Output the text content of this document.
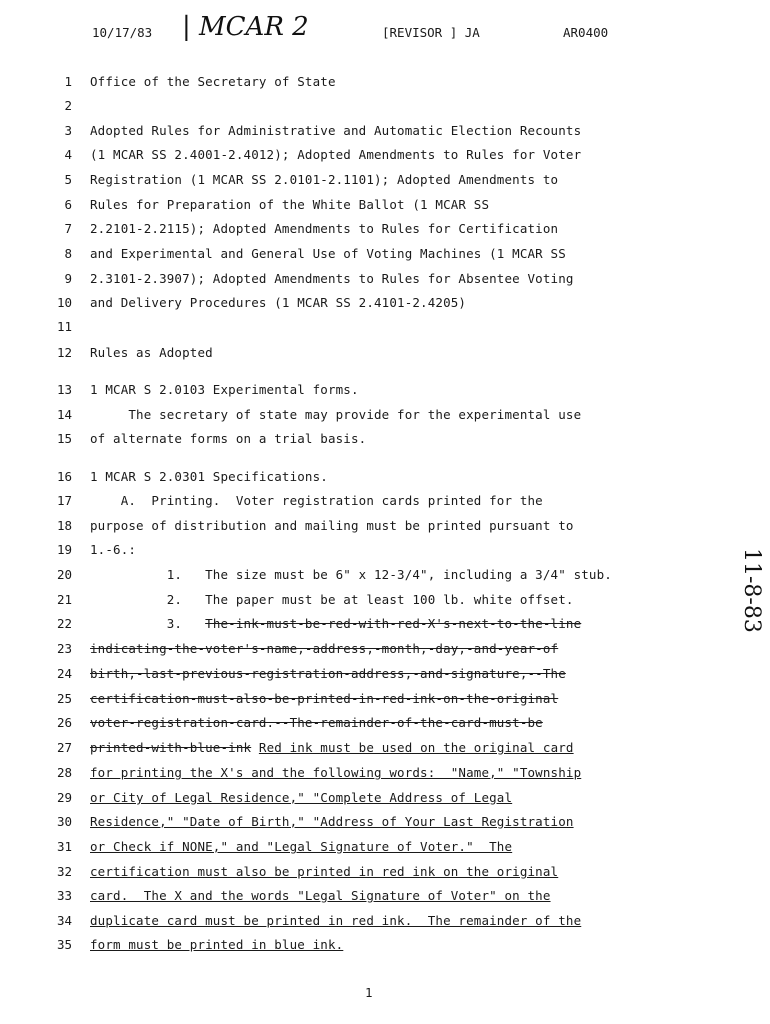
10/17/83 | MCAR 2	[REVISOR ] JA	AR0400
1 Office of the Secretary of State
2
3 Adopted Rules for Administrative and Automatic Election Recounts
4 (1 MCAR SS 2.4001-2.4012); Adopted Amendments to Rules for Voter
5 Registration (1 MCAR SS 2.0101-2.1101); Adopted Amendments to
6 Rules for Preparation of the White Ballot (1 MCAR SS
7 2.2101-2.2115); Adopted Amendments to Rules for Certification
8 and Experimental and General Use of Voting Machines (1 MCAR SS
9 2.3101-2.3907); Adopted Amendments to Rules for Absentee Voting
10 and Delivery Procedures (1 MCAR SS 2.4101-2.4205)
11
12 Rules as Adopted
13 1 MCAR S 2.0103 Experimental forms.
14 The secretary of state may provide for the experimental use
15 of alternate forms on a trial basis.
16 1 MCAR S 2.0301 Specifications.
17 A.  Printing.  Voter registration cards printed for the
18 purpose of distribution and mailing must be printed pursuant to
19 1.-6.:
20 1.   The size must be 6" x 12-3/4", including a 3/4" stub.
21 2.   The paper must be at least 100 lb. white offset.
22 3.   The-ink-must-be-red-with-red-X's-next-to-the-line
23 indicating-the-voter's-name,-address,-month,-day,-and-year-of
24 birth,-last-previous-registration-address,-and-signature,--The
25 certification-must-also-be-printed-in-red-ink-on-the-original
26 voter-registration-card.--The-remainder-of-the-card-must-be
27 printed-with-blue-ink Red ink must be used on the original card
28 for printing the X's and the following words:  "Name," "Township
29 or City of Legal Residence," "Complete Address of Legal
30 Residence," "Date of Birth," "Address of Your Last Registration
31 or Check if NONE," and "Legal Signature of Voter."  The
32 certification must also be printed in red ink on the original
33 card.  The X and the words "Legal Signature of Voter" on the
34 duplicate card must be printed in red ink.  The remainder of the
35 form must be printed in blue ink.
11-8-83
1
